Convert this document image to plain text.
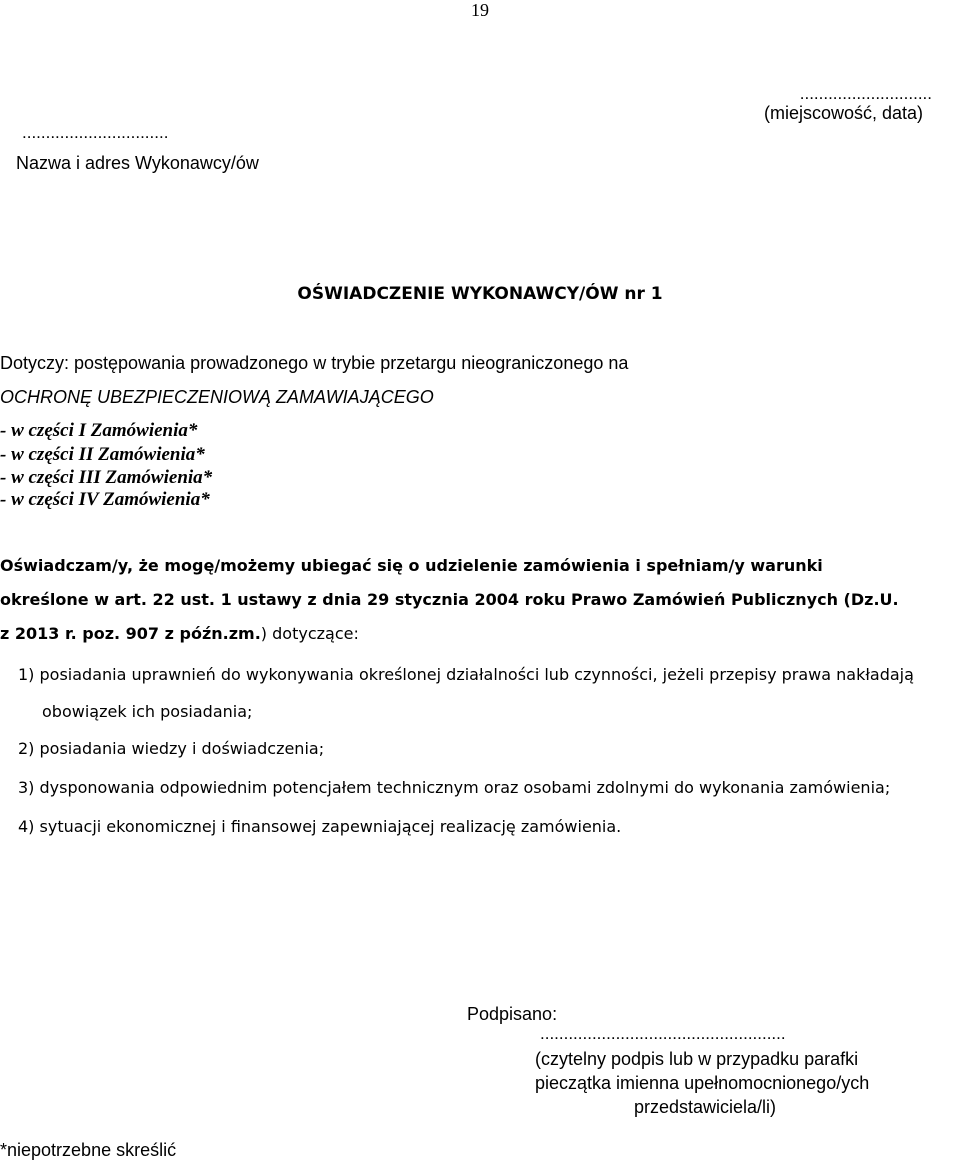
19
............................
(miejscowość, data)
...............................
Nazwa i adres Wykonawcy/ów
OŚWIADCZENIE WYKONAWCY/ÓW nr 1
Dotyczy: postępowania prowadzonego w trybie przetargu nieograniczonego na
OCHRONĘ UBEZPIECZENIOWĄ ZAMAWIAJĄCEGO
- w części I Zamówienia*
- w części II Zamówienia*
- w części III Zamówienia*
- w części IV Zamówienia*
Oświadczam/y, że mogę/możemy ubiegać się o udzielenie zamówienia i spełniam/y warunki
określone w art. 22 ust. 1 ustawy z dnia 29 stycznia 2004 roku Prawo Zamówień Publicznych (Dz.U.
z 2013 r. poz. 907 z późn.zm.) dotyczące:
1) posiadania uprawnień do wykonywania określonej działalności lub czynności, jeżeli przepisy prawa nakładają
obowiązek ich posiadania;
2) posiadania wiedzy i doświadczenia;
3) dysponowania odpowiednim potencjałem technicznym oraz osobami zdolnymi do wykonania zamówienia;
4) sytuacji ekonomicznej i finansowej zapewniającej realizację zamówienia.
Podpisano:
....................................................
(czytelny podpis lub w przypadku parafki
pieczątka imienna upełnomocnionego/ych
przedstawiciela/li)
*niepotrzebne skreślić
